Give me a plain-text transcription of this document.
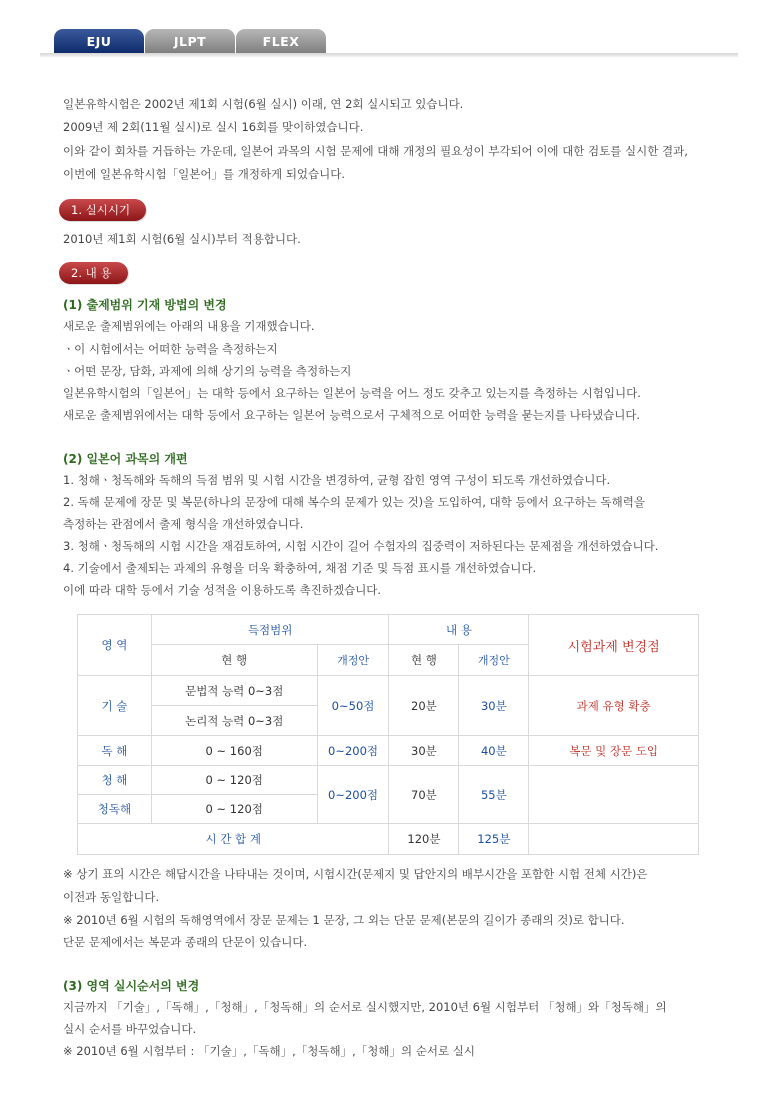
EJU	JLPT	FLEX
일본유학시험은 2002년 제1회 시험(6월 실시) 이래, 연 2회 실시되고 있습니다.
2009년 제 2회(11월 실시)로 실시 16회를 맞이하였습니다.
이와 같이 회차를 거듭하는 가운데, 일본어 과목의 시험 문제에 대해 개정의 필요성이 부각되어 이에 대한 검토를 실시한 결과,
이번에 일본유학시험「일본어」를 개정하게 되었습니다.
1. 실시시기
2010년 제1회 시험(6월 실시)부터 적용합니다.
2. 내 용
(1) 출제범위 기재 방법의 변경
새로운 출제범위에는 아래의 내용을 기재했습니다.
ㆍ이 시험에서는 어떠한 능력을 측정하는지
ㆍ어떤 문장, 담화, 과제에 의해 상기의 능력을 측정하는지
일본유학시험의「일본어」는 대학 등에서 요구하는 일본어 능력을 어느 정도 갖추고 있는지를 측정하는 시험입니다.
새로운 출제범위에서는 대학 등에서 요구하는 일본어 능력으로서 구체적으로 어떠한 능력을 묻는지를 나타냈습니다.
(2) 일본어 과목의 개편
1. 청해ㆍ청독해와 독해의 득점 범위 및 시험 시간을 변경하여, 균형 잡힌 영역 구성이 되도록 개선하였습니다.
2. 독해 문제에 장문 및 복문(하나의 문장에 대해 복수의 문제가 있는 것)을 도입하여, 대학 등에서 요구하는 독해력을
측정하는 관점에서 출제 형식을 개선하였습니다.
3. 청해ㆍ청독해의 시험 시간을 재검토하여, 시험 시간이 길어 수험자의 집중력이 저하된다는 문제점을 개선하였습니다.
4. 기술에서 출제되는 과제의 유형을 더욱 확충하여, 채점 기준 및 득점 표시를 개선하였습니다.
이에 따라 대학 등에서 기술 성적을 이용하도록 촉진하겠습니다.
영 역	득점범위		내 용		시험과제 변경점
	현 행	개정안	현 행	개정안	
기 술	문법적 능력 0~3점	0~50점	20분	30분	과제 유형 확충
	논리적 능력 0~3점				
독 해	0 ~ 160점	0~200점	30분	40분	복문 및 장문 도입
청 해	0 ~ 120점	0~200점	70분	55분	
청독해	0 ~ 120점				
시 간 합 계			120분	125분	
※ 상기 표의 시간은 해답시간을 나타내는 것이며, 시험시간(문제지 및 답안지의 배부시간을 포함한 시험 전체 시간)은
이전과 동일합니다.
※ 2010년 6월 시험의 독해영역에서 장문 문제는 1 문장, 그 외는 단문 문제(본문의 길이가 종래의 것)로 합니다.
단문 문제에서는 복문과 종래의 단문이 있습니다.
(3) 영역 실시순서의 변경
지금까지 「기술」,「독해」,「청해」,「청독해」의 순서로 실시했지만, 2010년 6월 시험부터 「청해」와「청독해」의
실시 순서를 바꾸었습니다.
※ 2010년 6월 시험부터 : 「기술」,「독해」,「청독해」,「청해」의 순서로 실시
